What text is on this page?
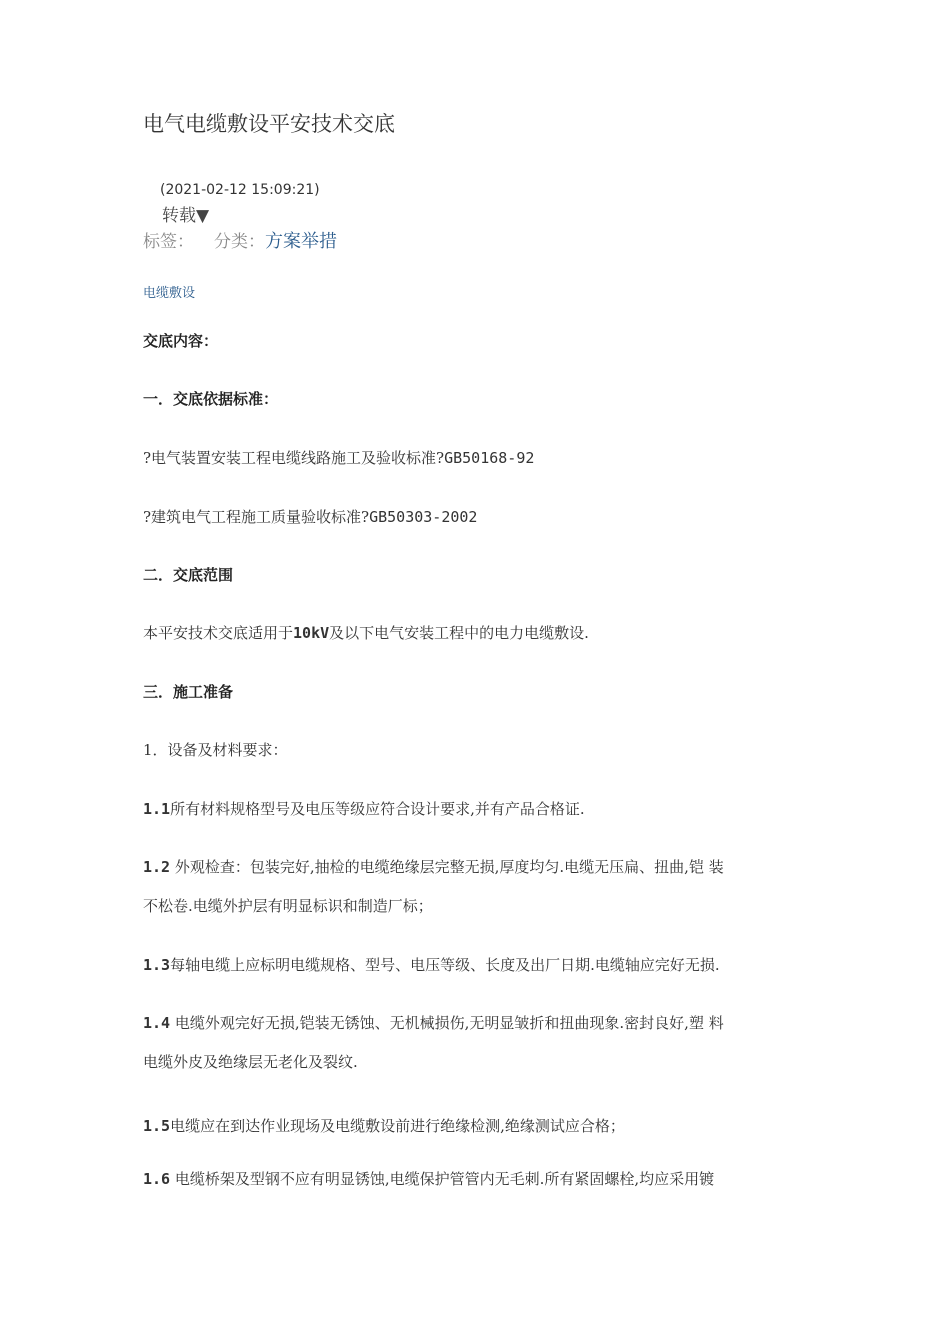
电气电缆敷设平安技术交底
(2021-02-12 15:09:21)
转载▼
标签： 分类：方案举措
电缆敷设
交底内容：
一．交底依据标准：
?电气装置安装工程电缆线路施工及验收标准?GB50168-92
?建筑电气工程施工质量验收标准?GB50303-2002
二．交底范围
本平安技术交底适用于10kV及以下电气安装工程中的电力电缆敷设.
三．施工准备
1．设备及材料要求：
1.1所有材料规格型号及电压等级应符合设计要求,并有产品合格证.
1.2 外观检查：包装完好,抽检的电缆绝缘层完整无损,厚度均匀.电缆无压扁、扭曲,铠 装
不松卷.电缆外护层有明显标识和制造厂标；
1.3每轴电缆上应标明电缆规格、型号、电压等级、长度及出厂日期.电缆轴应完好无损.
1.4 电缆外观完好无损,铠装无锈蚀、无机械损伤,无明显皱折和扭曲现象.密封良好,塑 料
电缆外皮及绝缘层无老化及裂纹.
1.5电缆应在到达作业现场及电缆敷设前进行绝缘检测,绝缘测试应合格；
1.6 电缆桥架及型钢不应有明显锈蚀,电缆保护管管内无毛刺.所有紧固螺栓,均应采用镀
